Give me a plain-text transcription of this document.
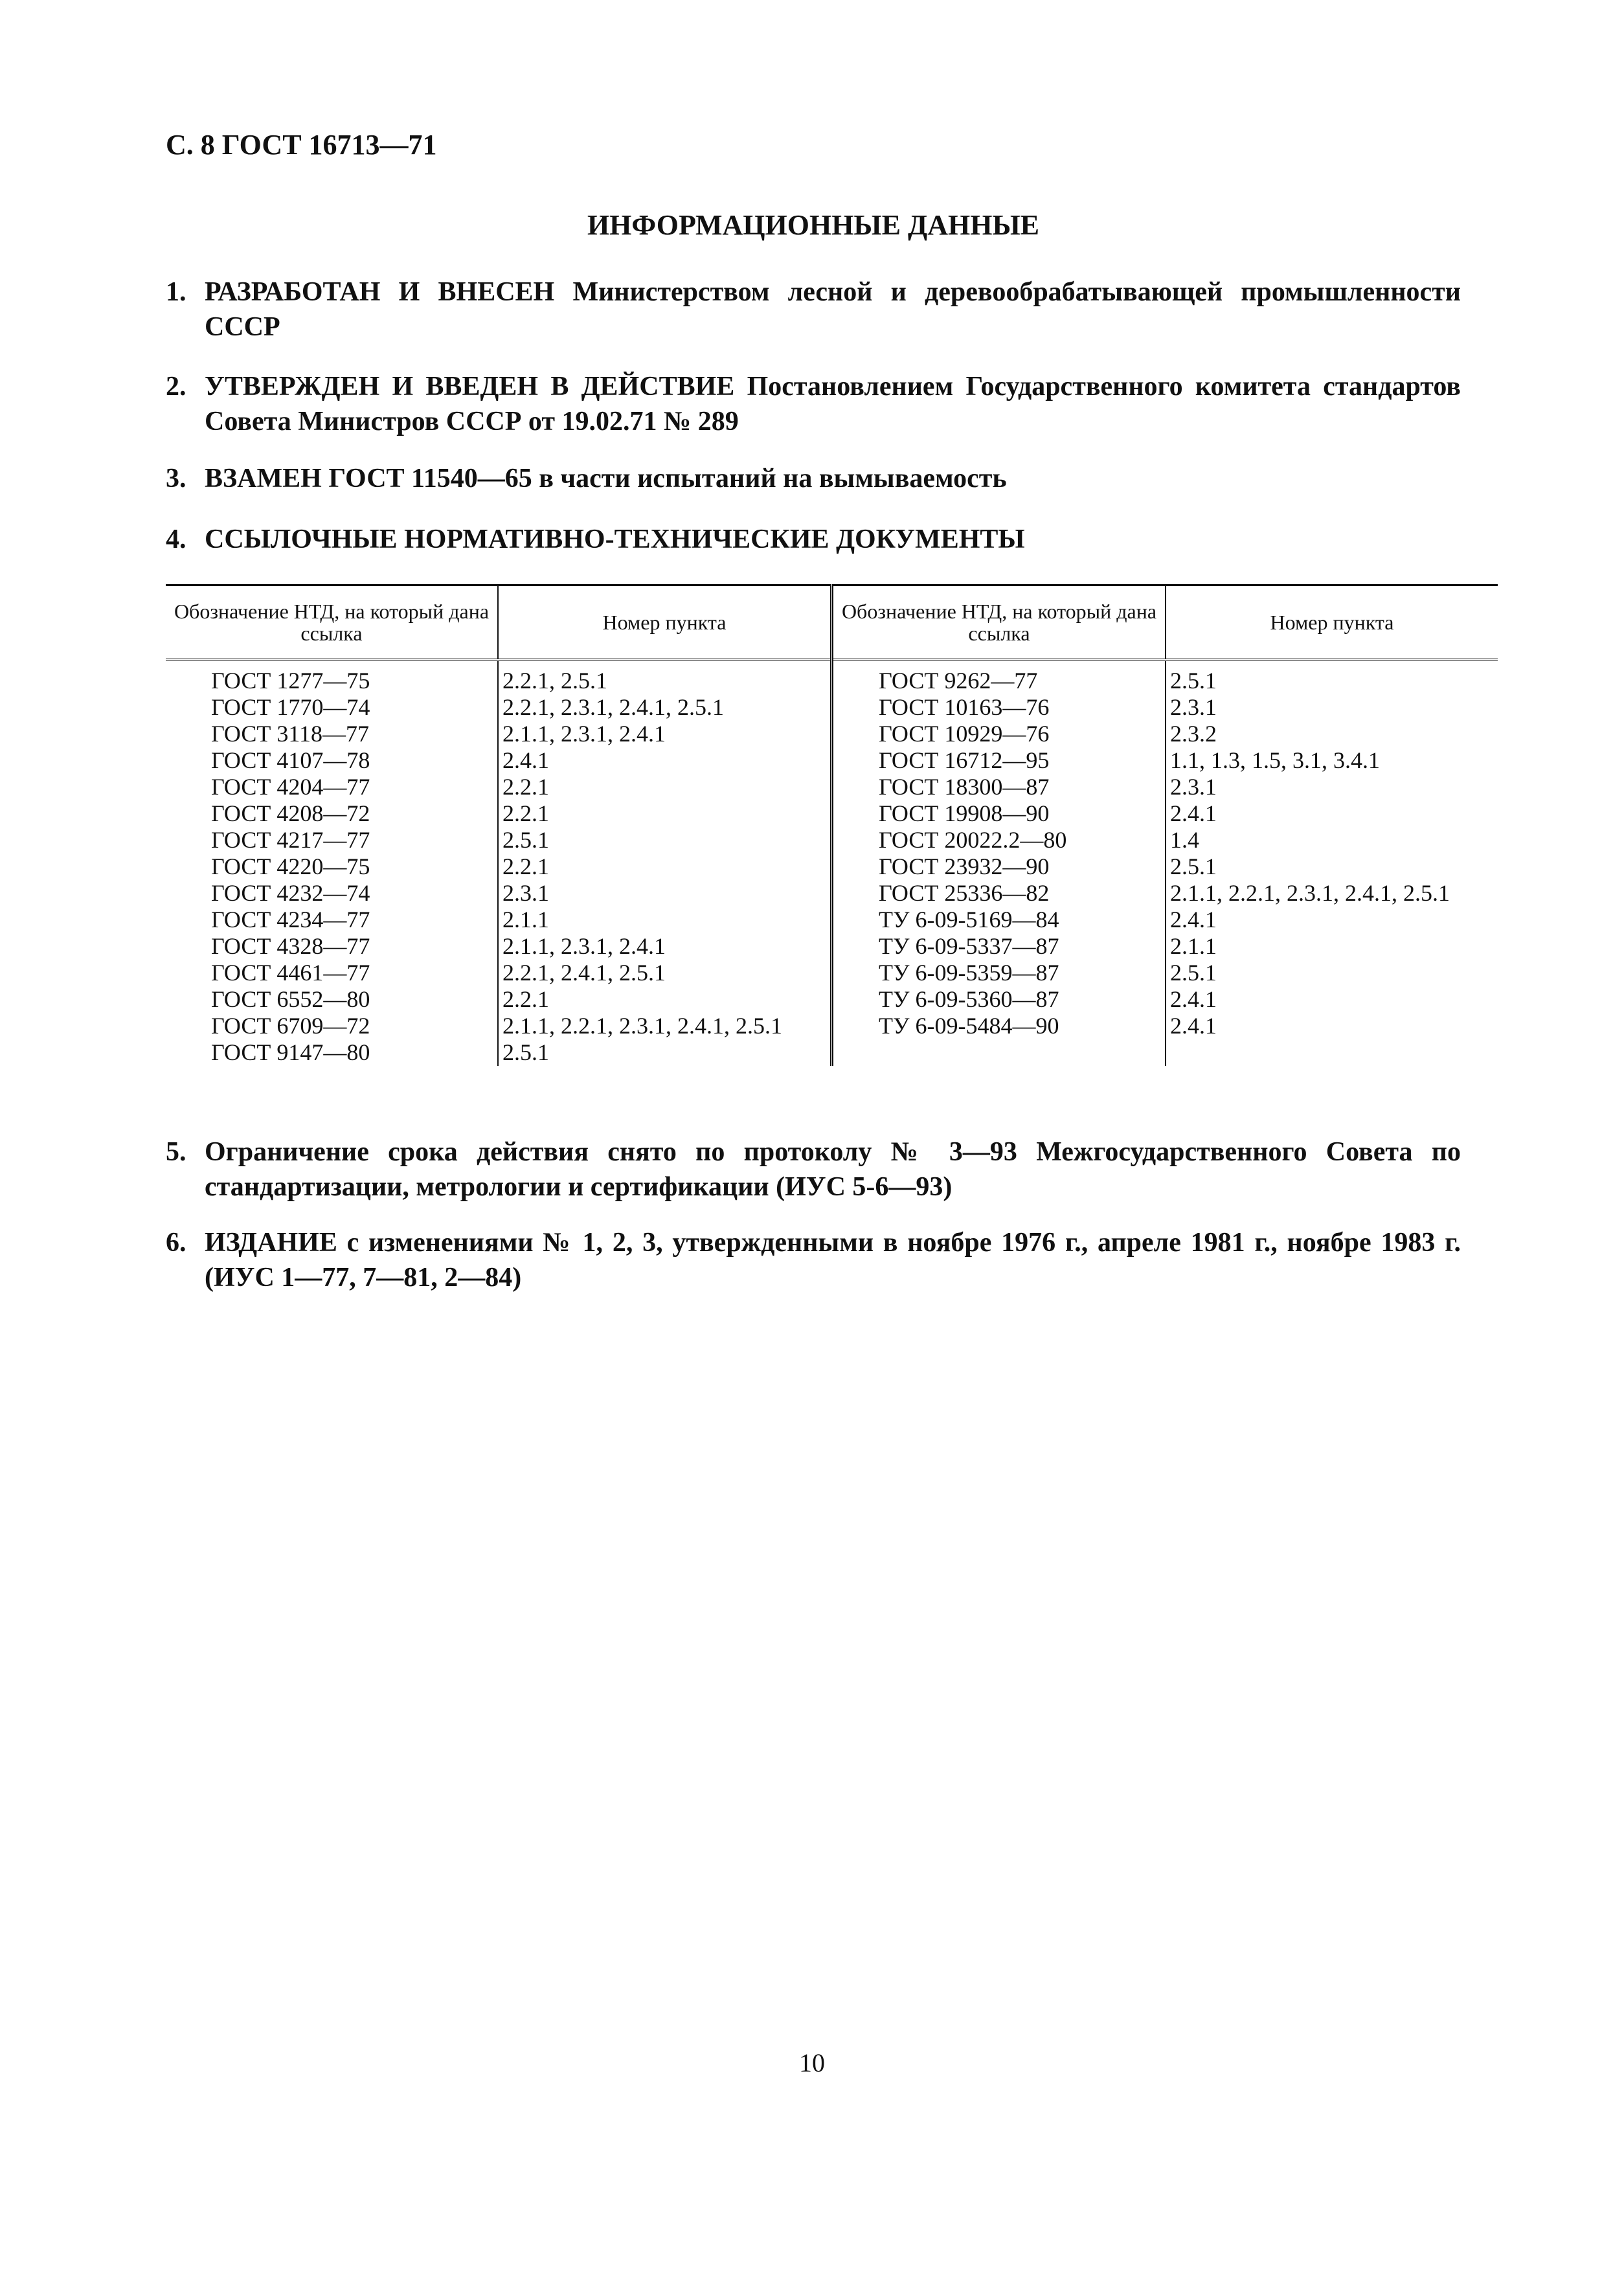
С. 8 ГОСТ 16713—71
ИНФОРМАЦИОННЫЕ ДАННЫЕ
1. РАЗРАБОТАН И ВНЕСЕН Министерством лесной и деревообрабатывающей промышленности СССР
2. УТВЕРЖДЕН И ВВЕДЕН В ДЕЙСТВИЕ Постановлением Государственного комитета стандартов Совета Министров СССР от 19.02.71 № 289
3. ВЗАМЕН ГОСТ 11540—65 в части испытаний на вымываемость
4. ССЫЛОЧНЫЕ НОРМАТИВНО-ТЕХНИЧЕСКИЕ ДОКУМЕНТЫ
Обозначение НТД, на который дана ссылка	Номер пункта	Обозначение НТД, на который дана ссылка	Номер пункта
ГОСТ 1277—75	2.2.1, 2.5.1	ГОСТ 9262—77	2.5.1
ГОСТ 1770—74	2.2.1, 2.3.1, 2.4.1, 2.5.1	ГОСТ 10163—76	2.3.1
ГОСТ 3118—77	2.1.1, 2.3.1, 2.4.1	ГОСТ 10929—76	2.3.2
ГОСТ 4107—78	2.4.1	ГОСТ 16712—95	1.1, 1.3, 1.5, 3.1, 3.4.1
ГОСТ 4204—77	2.2.1	ГОСТ 18300—87	2.3.1
ГОСТ 4208—72	2.2.1	ГОСТ 19908—90	2.4.1
ГОСТ 4217—77	2.5.1	ГОСТ 20022.2—80	1.4
ГОСТ 4220—75	2.2.1	ГОСТ 23932—90	2.5.1
ГОСТ 4232—74	2.3.1	ГОСТ 25336—82	2.1.1, 2.2.1, 2.3.1, 2.4.1, 2.5.1
ГОСТ 4234—77	2.1.1	ТУ 6-09-5169—84	2.4.1
ГОСТ 4328—77	2.1.1, 2.3.1, 2.4.1	ТУ 6-09-5337—87	2.1.1
ГОСТ 4461—77	2.2.1, 2.4.1, 2.5.1	ТУ 6-09-5359—87	2.5.1
ГОСТ 6552—80	2.2.1	ТУ 6-09-5360—87	2.4.1
ГОСТ 6709—72	2.1.1, 2.2.1, 2.3.1, 2.4.1, 2.5.1	ТУ 6-09-5484—90	2.4.1
ГОСТ 9147—80	2.5.1		
5. Ограничение срока действия снято по протоколу № 3—93 Межгосударственного Совета по стандартизации, метрологии и сертификации (ИУС 5-6—93)
6. ИЗДАНИЕ с изменениями № 1, 2, 3, утвержденными в ноябре 1976 г., апреле 1981 г., ноябре 1983 г. (ИУС 1—77, 7—81, 2—84)
10
